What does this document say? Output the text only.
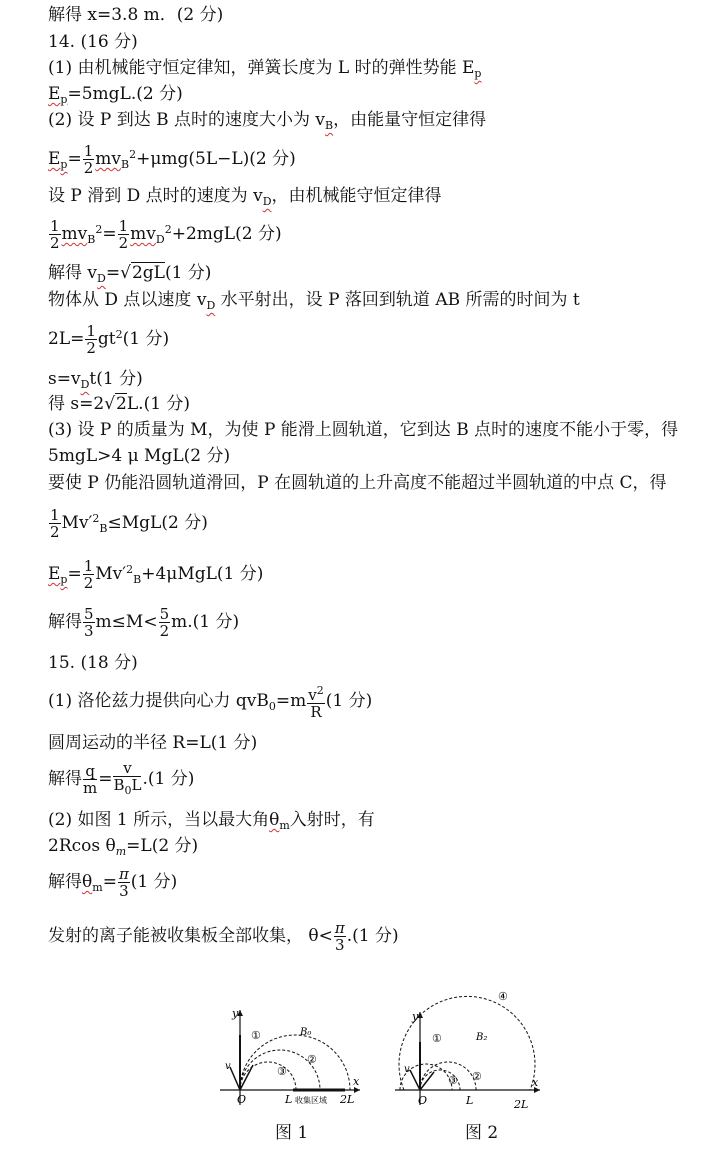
解得 x=3.8 m．(2 分)
14. (16 分)
(1) 由机械能守恒定律知，弹簧长度为 L 时的弹性势能 $E_p$
$E_p=5mgL.(2$ 分)
(2) 设 P 到达 B 点时的速度大小为 $v_B$，由能量守恒定律得
$E_p= \frac{1}{2} mv_B^2+\mu mg(5L-L)(2$ 分)
设 P 滑到 D 点时的速度为 $v_D$，由机械能守恒定律得
$\frac{1}{2} mv_B^2= \frac{1}{2} mv_D^2+2mgL(2$ 分)
解得 $v_D=√2gL(1$ 分)
物体从 D 点以速度 $v_D$ 水平射出，设 P 落回到轨道 AB 所需的时间为 t
$2L= \frac{1}{2} gt^2(1$ 分)
$s=v_Dt(1$ 分)
得 s=2√2L.(1 分)
(3) 设 P 的质量为 M，为使 P 能滑上圆轨道，它到达 B 点时的速度不能小于零，得
5mgL>4 μ MgL(2 分)
要使 P 仍能沿圆轨道滑回，P 在圆轨道的上升高度不能超过半圆轨道的中点 C，得
$\frac{1}{2} Mv'^2_B\le MgL(2$ 分)
$E_p= \frac{1}{2} Mv'^2_B+4\mu MgL(1$ 分)
解得 $\frac{5}{3} m\le M< \frac{5}{2} m.(1$ 分)
15. (18 分)
(1) 洛伦兹力提供向心力 $qvB_0=m \frac{v^2}{R} (1$ 分)
圆周运动的半径 R=L(1 分)
解得 $\frac{q}{m} = \frac{v}{B_0L} .(1$ 分)
(2) 如图 1 所示，当以最大角$\theta_m$入射时，有
2Rcos $\theta_m=L(2$ 分)
解得$\theta_m= \frac{\pi}{3} (1$ 分)
发射的离子能被收集板全部收集， $\theta< \frac{\pi}{3} .(1$ 分)
y
x
O	L 收集区域 2L
B₀
①
②
③
v
图 1
y
x
O	L	2L
B₂
①
②
③
④
v
图 2
